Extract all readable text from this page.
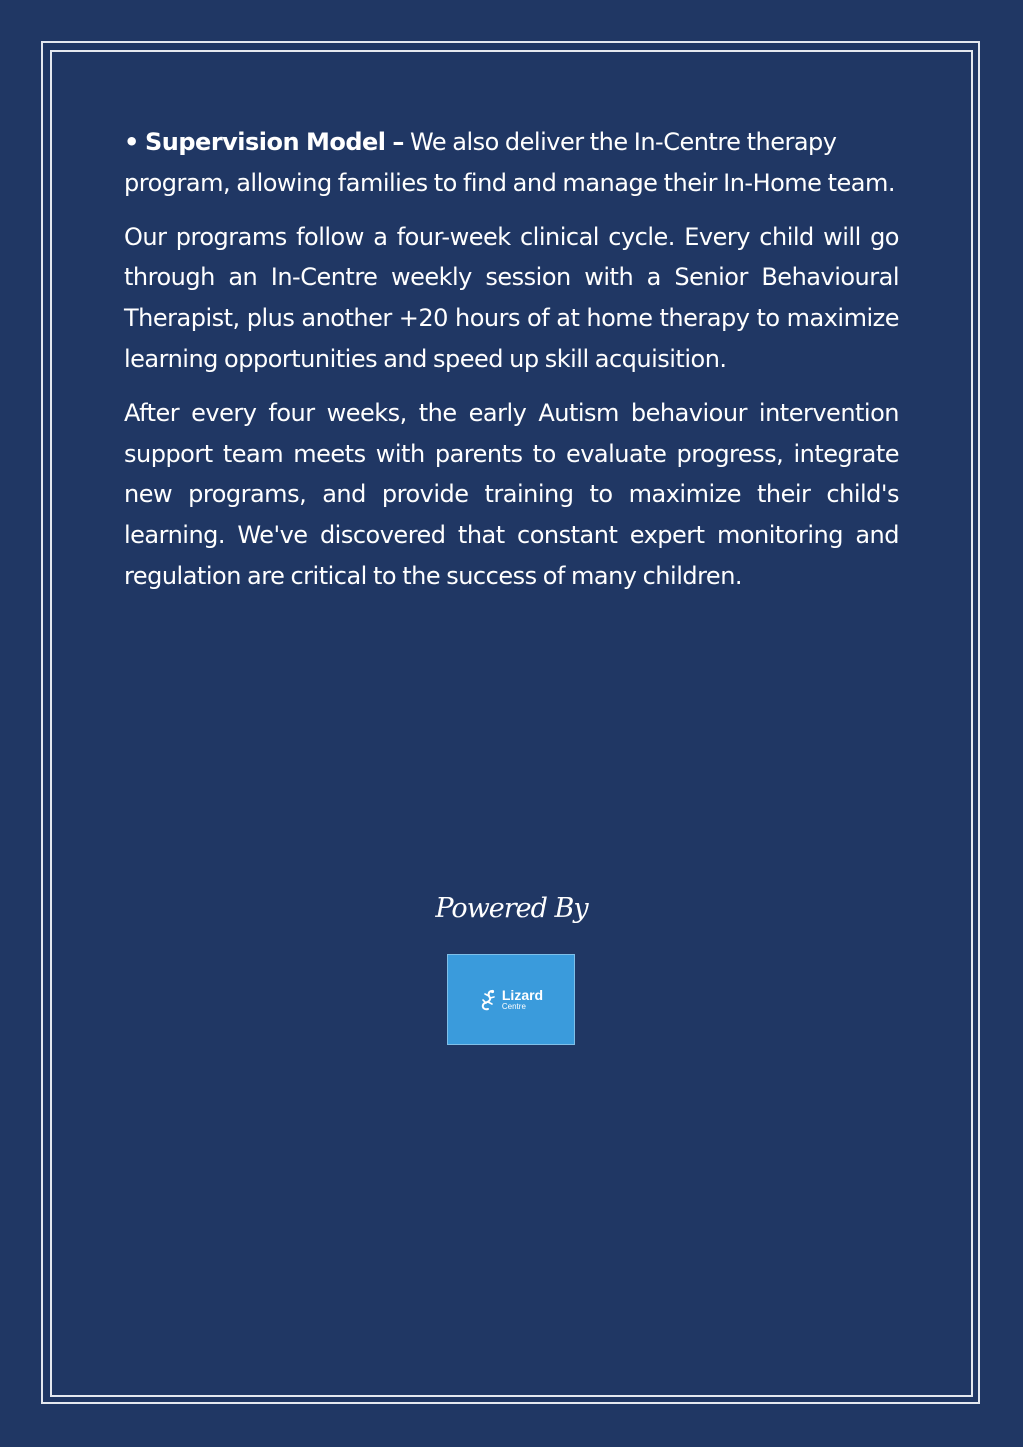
• Supervision Model – We also deliver the In-Centre therapy program, allowing families to find and manage their In-Home team.

Our programs follow a four-week clinical cycle. Every child will go through an In-Centre weekly session with a Senior Behavioural Therapist, plus another +20 hours of at home therapy to maximize learning opportunities and speed up skill acquisition.

After every four weeks, the early Autism behaviour intervention support team meets with parents to evaluate progress, integrate new programs, and provide training to maximize their child's learning. We've discovered that constant expert monitoring and regulation are critical to the success of many children.

Powered By
Lizard
Centre
